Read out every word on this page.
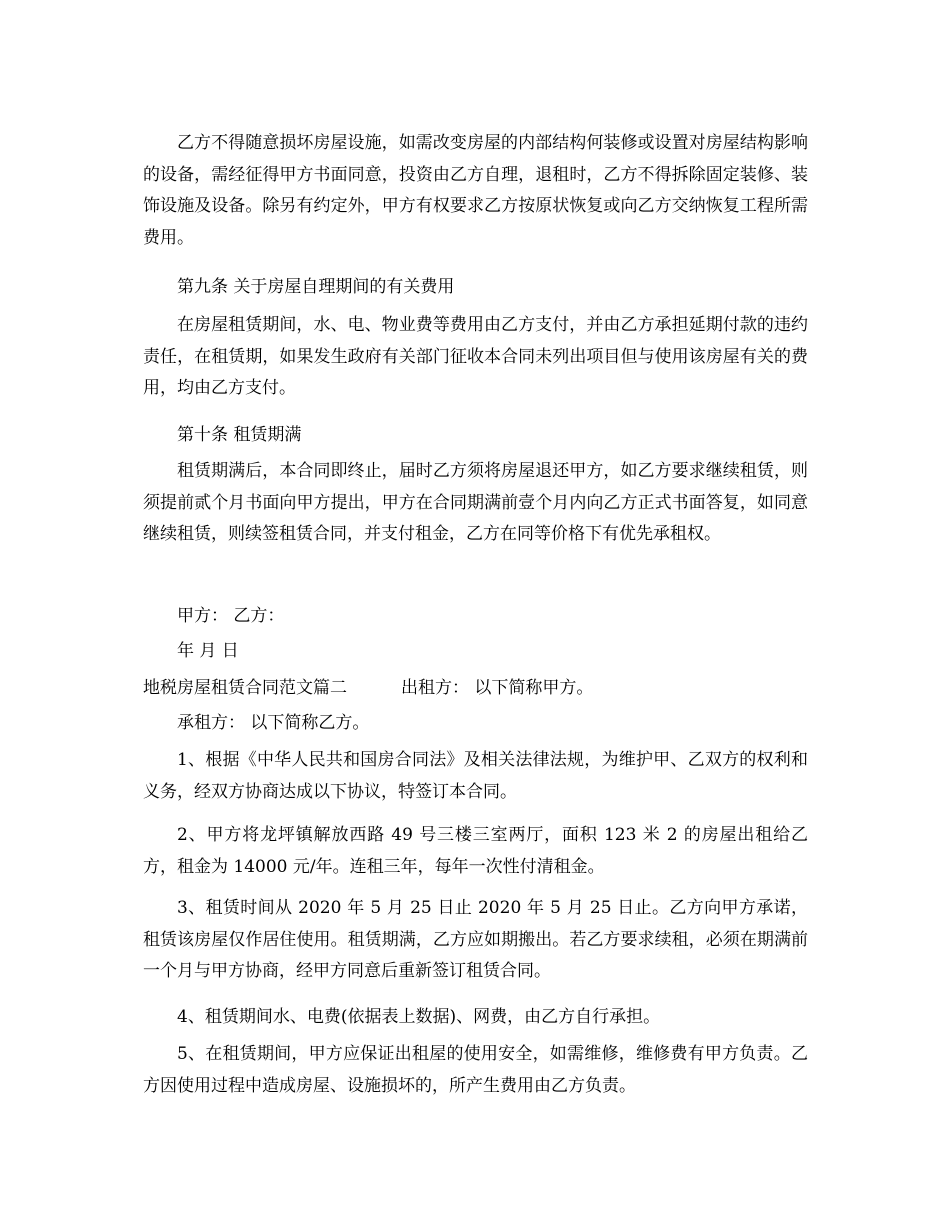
乙方不得随意损坏房屋设施，如需改变房屋的内部结构何装修或设置对房屋结构影响的设备，需经征得甲方书面同意，投资由乙方自理，退租时，乙方不得拆除固定装修、装饰设施及设备。除另有约定外，甲方有权要求乙方按原状恢复或向乙方交纳恢复工程所需费用。

第九条 关于房屋自理期间的有关费用

在房屋租赁期间，水、电、物业费等费用由乙方支付，并由乙方承担延期付款的违约责任，在租赁期，如果发生政府有关部门征收本合同未列出项目但与使用该房屋有关的费用，均由乙方支付。

第十条 租赁期满

租赁期满后，本合同即终止，届时乙方须将房屋退还甲方，如乙方要求继续租赁，则须提前贰个月书面向甲方提出，甲方在合同期满前壹个月内向乙方正式书面答复，如同意继续租赁，则续签租赁合同，并支付租金，乙方在同等价格下有优先承租权。

甲方： 乙方：

年 月 日

地税房屋租赁合同范文篇二	出租方： 以下简称甲方。

承租方： 以下简称乙方。

1、根据《中华人民共和国房合同法》及相关法律法规，为维护甲、乙双方的权利和义务，经双方协商达成以下协议，特签订本合同。

2、甲方将龙坪镇解放西路 49 号三楼三室两厅，面积 123 米 2 的房屋出租给乙方，租金为 14000 元/年。连租三年，每年一次性付清租金。

3、租赁时间从 2020 年 5 月 25 日止 2020 年 5 月 25 日止。乙方向甲方承诺，租赁该房屋仅作居住使用。租赁期满，乙方应如期搬出。若乙方要求续租，必须在期满前一个月与甲方协商，经甲方同意后重新签订租赁合同。

4、租赁期间水、电费(依据表上数据)、网费，由乙方自行承担。

5、在租赁期间，甲方应保证出租屋的使用安全，如需维修，维修费有甲方负责。乙方因使用过程中造成房屋、设施损坏的，所产生费用由乙方负责。
